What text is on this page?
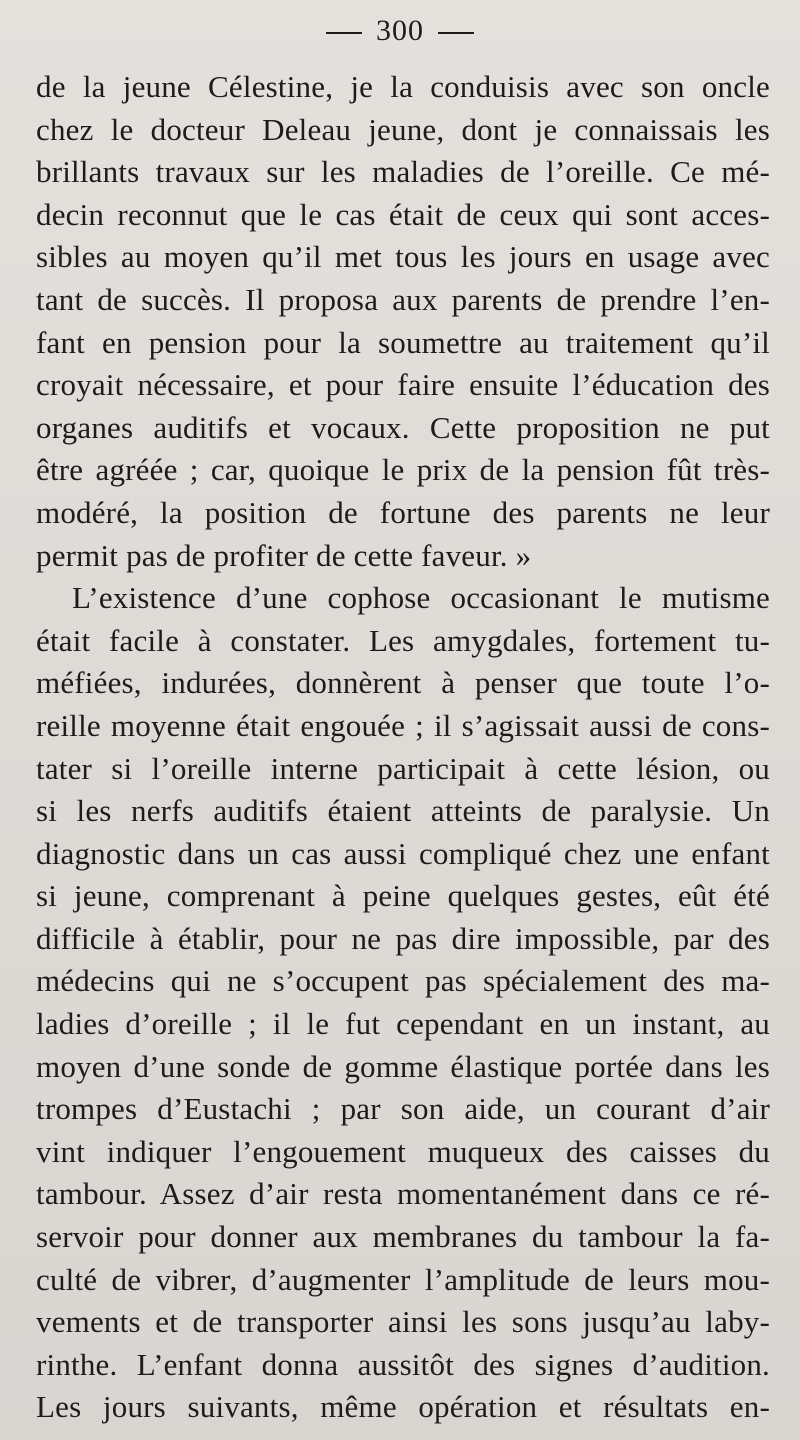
300
de la jeune Célestine, je la conduisis avec son oncle
chez le docteur Deleau jeune, dont je connaissais les
brillants travaux sur les maladies de l’oreille. Ce mé-
decin reconnut que le cas était de ceux qui sont acces-
sibles au moyen qu’il met tous les jours en usage avec
tant de succès. Il proposa aux parents de prendre l’en-
fant en pension pour la soumettre au traitement qu’il
croyait nécessaire, et pour faire ensuite l’éducation des
organes auditifs et vocaux. Cette proposition ne put
être agréée ; car, quoique le prix de la pension fût très-
modéré, la position de fortune des parents ne leur
permit pas de profiter de cette faveur. »
L’existence d’une cophose occasionant le mutisme
était facile à constater. Les amygdales, fortement tu-
méfiées, indurées, donnèrent à penser que toute l’o-
reille moyenne était engouée ; il s’agissait aussi de cons-
tater si l’oreille interne participait à cette lésion, ou
si les nerfs auditifs étaient atteints de paralysie. Un
diagnostic dans un cas aussi compliqué chez une enfant
si jeune, comprenant à peine quelques gestes, eût été
difficile à établir, pour ne pas dire impossible, par des
médecins qui ne s’occupent pas spécialement des ma-
ladies d’oreille ; il le fut cependant en un instant, au
moyen d’une sonde de gomme élastique portée dans les
trompes d’Eustachi ; par son aide, un courant d’air
vint indiquer l’engouement muqueux des caisses du
tambour. Assez d’air resta momentanément dans ce ré-
servoir pour donner aux membranes du tambour la fa-
culté de vibrer, d’augmenter l’amplitude de leurs mou-
vements et de transporter ainsi les sons jusqu’au laby-
rinthe. L’enfant donna aussitôt des signes d’audition.
Les jours suivants, même opération et résultats en-
